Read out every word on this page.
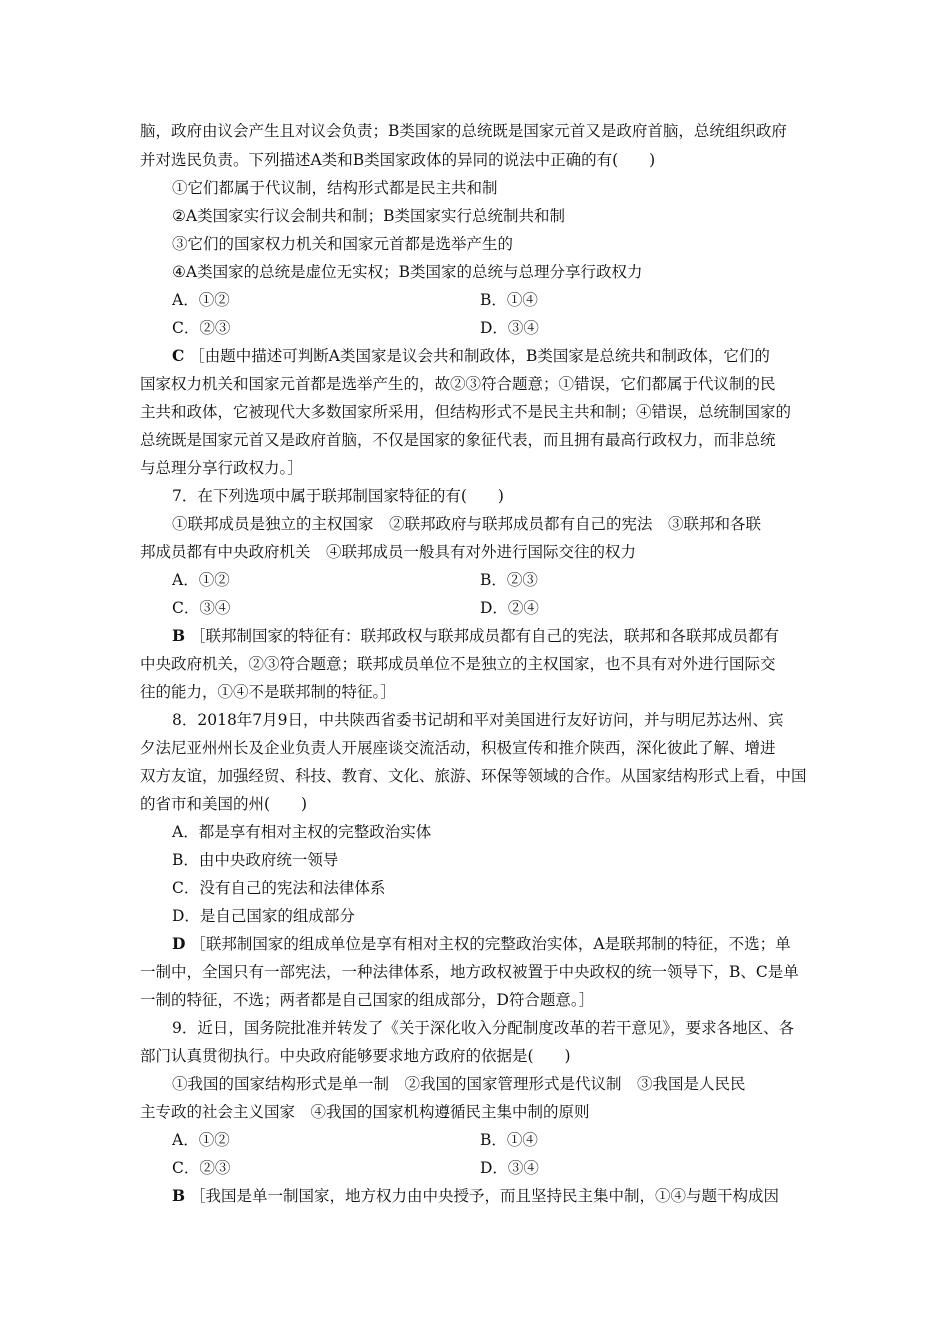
脑，政府由议会产生且对议会负责；B类国家的总统既是国家元首又是政府首脑，总统组织政府
并对选民负责。下列描述A类和B类国家政体的异同的说法中正确的有(　　)
①它们都属于代议制，结构形式都是民主共和制
②A类国家实行议会制共和制；B类国家实行总统制共和制
③它们的国家权力机关和国家元首都是选举产生的
④A类国家的总统是虚位无实权；B类国家的总统与总理分享行政权力
A．①②	B．①④
C．②③	D．③④
C ［由题中描述可判断A类国家是议会共和制政体，B类国家是总统共和制政体，它们的
国家权力机关和国家元首都是选举产生的，故②③符合题意；①错误，它们都属于代议制的民
主共和政体，它被现代大多数国家所采用，但结构形式不是民主共和制；④错误，总统制国家的
总统既是国家元首又是政府首脑，不仅是国家的象征代表，而且拥有最高行政权力，而非总统
与总理分享行政权力。］
7．在下列选项中属于联邦制国家特征的有(　　)
①联邦成员是独立的主权国家　②联邦政府与联邦成员都有自己的宪法　③联邦和各联
邦成员都有中央政府机关　④联邦成员一般具有对外进行国际交往的权力
A．①②	B．②③
C．③④	D．②④
B ［联邦制国家的特征有：联邦政权与联邦成员都有自己的宪法，联邦和各联邦成员都有
中央政府机关，②③符合题意；联邦成员单位不是独立的主权国家，也不具有对外进行国际交
往的能力，①④不是联邦制的特征。］
8．2018年7月9日，中共陕西省委书记胡和平对美国进行友好访问，并与明尼苏达州、宾
夕法尼亚州州长及企业负责人开展座谈交流活动，积极宣传和推介陕西，深化彼此了解、增进
双方友谊，加强经贸、科技、教育、文化、旅游、环保等领域的合作。从国家结构形式上看，中国
的省市和美国的州(　　)
A．都是享有相对主权的完整政治实体
B．由中央政府统一领导
C．没有自己的宪法和法律体系
D．是自己国家的组成部分
D ［联邦制国家的组成单位是享有相对主权的完整政治实体，A是联邦制的特征，不选；单
一制中，全国只有一部宪法，一种法律体系，地方政权被置于中央政权的统一领导下，B、C是单
一制的特征，不选；两者都是自己国家的组成部分，D符合题意。］
9．近日，国务院批准并转发了《关于深化收入分配制度改革的若干意见》，要求各地区、各
部门认真贯彻执行。中央政府能够要求地方政府的依据是(　　)
①我国的国家结构形式是单一制　②我国的国家管理形式是代议制　③我国是人民民
主专政的社会主义国家　④我国的国家机构遵循民主集中制的原则
A．①②	B．①④
C．②③	D．③④
B ［我国是单一制国家，地方权力由中央授予，而且坚持民主集中制，①④与题干构成因
